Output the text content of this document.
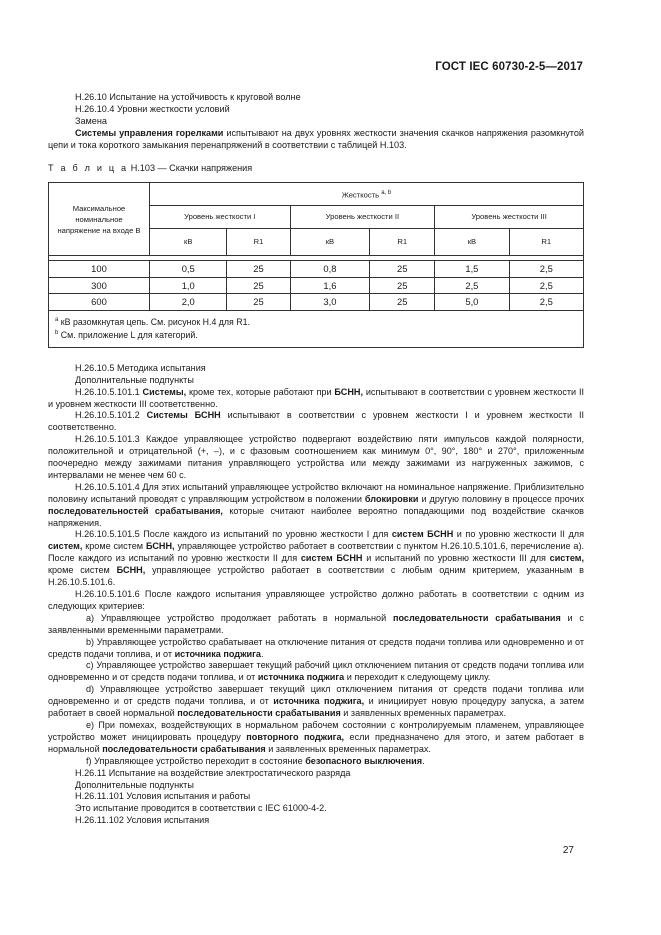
ГОСТ IEC 60730-2-5—2017

Н.26.10 Испытание на устойчивость к круговой волне

Н.26.10.4 Уровни жесткости условий

Замена

Системы управления горелками испытывают на двух уровнях жесткости значения скачков напряжения разомкнутой цепи и тока короткого замыкания перенапряжений в соответствии с таблицей Н.103.

Т а б л и ц а Н.103 — Скачки напряжения

Максимальное номинальное напряжение на входе В	Жесткость $^{a, b}$
	Уровень жесткости I		Уровень жесткости II		Уровень жесткости III	
	кВ	R1	кВ	R1	кВ	R1

100	0,5	25	0,8	25	1,5	2,5
300	1,0	25	1,6	25	2,5	2,5
600	2,0	25	3,0	25	5,0	2,5

$^a$ кВ разомкнутая цепь. См. рисунок Н.4 для R1.
$^b$ См. приложение L для категорий.						

Н.26.10.5 Методика испытания

Дополнительные подпункты

Н.26.10.5.101.1 Системы, кроме тех, которые работают при БСНН, испытывают в соответствии с уровнем жесткости II и уровнем жесткости III соответственно.

Н.26.10.5.101.2 Системы БСНН испытывают в соответствии с уровнем жесткости I и уровнем жесткости II соответственно.

Н.26.10.5.101.3 Каждое управляющее устройство подвергают воздействию пяти импульсов каждой полярности, положительной и отрицательной (+, –), и с фазовым соотношением как минимум 0°, 90°, 180° и 270°, приложенным поочередно между зажимами питания управляющего устройства или между зажимами из нагруженных зажимов, с интервалами не менее чем 60 с.

Н.26.10.5.101.4 Для этих испытаний управляющее устройство включают на номинальное напряжение. Приблизительно половину испытаний проводят с управляющим устройством в положении блокировки и другую половину в процессе прочих последовательностей срабатывания, которые считают наиболее вероятно попадающими под воздействие скачков напряжения.

Н.26.10.5.101.5 После каждого из испытаний по уровню жесткости I для систем БСНН и по уровню жесткости II для систем, кроме систем БСНН, управляющее устройство работает в соответствии с пунктом Н.26.10.5.101.6, перечисление а). После каждого из испытаний по уровню жесткости II для систем БСНН и испытаний по уровню жесткости III для систем, кроме систем БСНН, управляющее устройство работает в соответствии с любым одним критерием, указанным в Н.26.10.5.101.6.

Н.26.10.5.101.6 После каждого испытания управляющее устройство должно работать в соответствии с одним из следующих критериев:

a) Управляющее устройство продолжает работать в нормальной последовательности срабатывания и с заявленными временными параметрами.

b) Управляющее устройство срабатывает на отключение питания от средств подачи топлива или одновременно и от средств подачи топлива, и от источника поджига.

c) Управляющее устройство завершает текущий рабочий цикл отключением питания от средств подачи топлива или одновременно и от средств подачи топлива, и от источника поджига и переходит к следующему циклу.

d) Управляющее устройство завершает текущий цикл отключением питания от средств подачи топлива или одновременно и от средств подачи топлива, и от источника поджига, и инициирует новую процедуру запуска, а затем работает в своей нормальной последовательности срабатывания и заявленных временных параметрах.

e) При помехах, воздействующих в нормальном рабочем состоянии с контролируемым пламенем, управляющее устройство может инициировать процедуру повторного поджига, если предназначено для этого, и затем работает в нормальной последовательности срабатывания и заявленных временных параметрах.

f) Управляющее устройство переходит в состояние безопасного выключения.

Н.26.11 Испытание на воздействие электростатического разряда

Дополнительные подпункты

Н.26.11.101 Условия испытания и работы

Это испытание проводится в соответствии с IEC 61000-4-2.

Н.26.11.102 Условия испытания

27
